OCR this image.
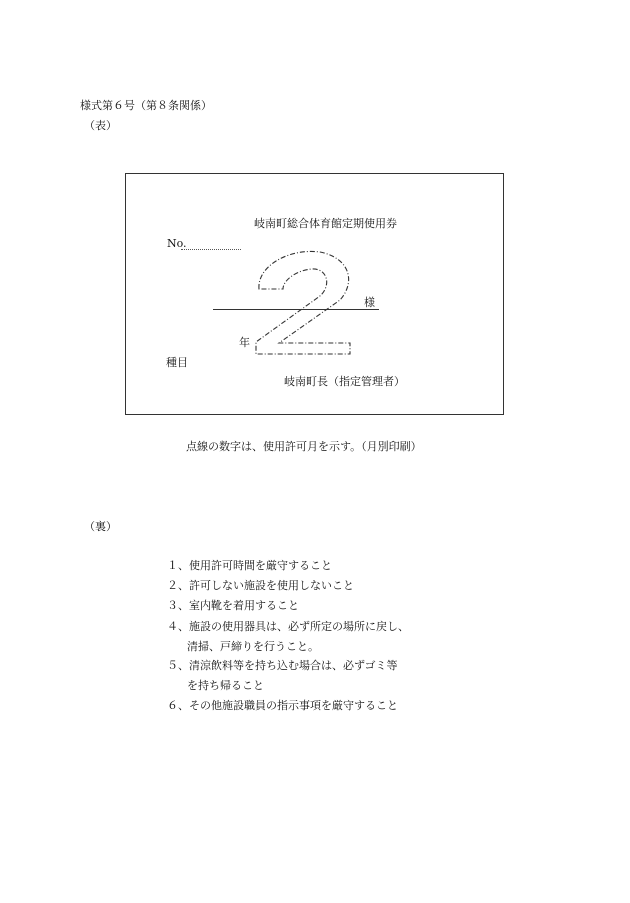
様式第６号（第８条関係）
（表）
岐南町総合体育館定期使用券
No.
様
年
種目
岐南町長（指定管理者）
点線の数字は、使用許可月を示す。（月別印刷）
（裏）
１、使用許可時間を厳守すること
２、許可しない施設を使用しないこと
３、室内靴を着用すること
４、施設の使用器具は、必ず所定の場所に戻し、
清掃、戸締りを行うこと。
５、清涼飲料等を持ち込む場合は、必ずゴミ等
を持ち帰ること
６、その他施設職員の指示事項を厳守すること
